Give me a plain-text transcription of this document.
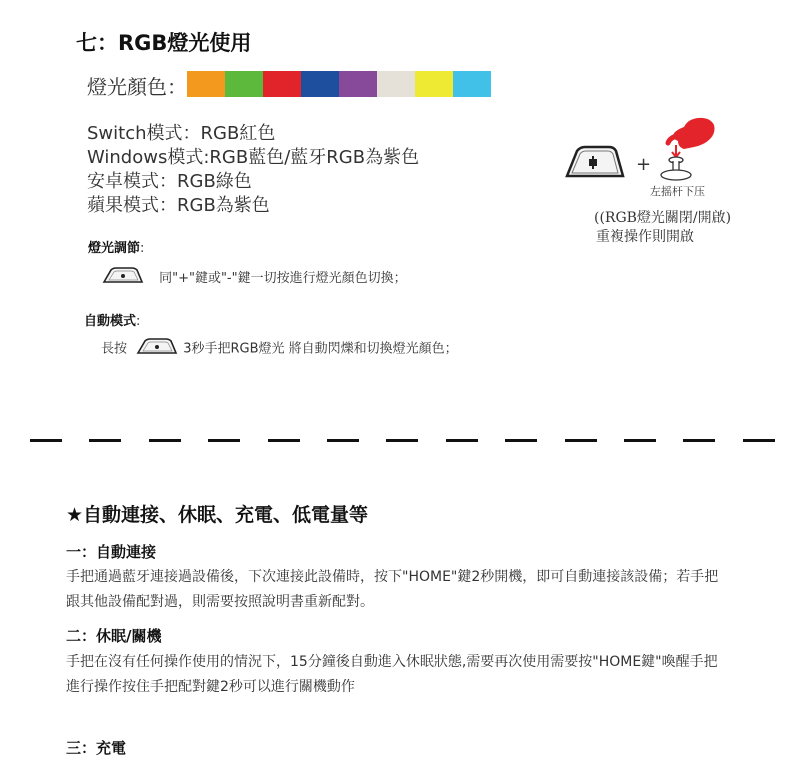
七：RGB燈光使用
燈光顏色：
Switch模式：RGB紅色
Windows模式:RGB藍色/藍牙RGB為紫色
安卓模式：RGB綠色
蘋果模式：RGB為紫色
+
左摇杆下压
((RGB燈光關閉/開啟)
重複操作則開啟
燈光調節:
同"+"鍵或"-"鍵一切按進行燈光顏色切換；
自動模式:
長按	3秒手把RGB燈光 將自動閃爍和切換燈光顏色；
★自動連接、休眠、充電、低電量等
一：自動連接
手把通過藍牙連接過設備後，下次連接此設備時，按下"HOME"鍵2秒開機，即可自動連接該設備；若手把跟其他設備配對過，則需要按照說明書重新配對。
二：休眠/關機
手把在沒有任何操作使用的情況下，15分鐘後自動進入休眠狀態,需要再次使用需要按"HOME鍵"喚醒手把進行操作按住手把配對鍵2秒可以進行關機動作
三：充電
